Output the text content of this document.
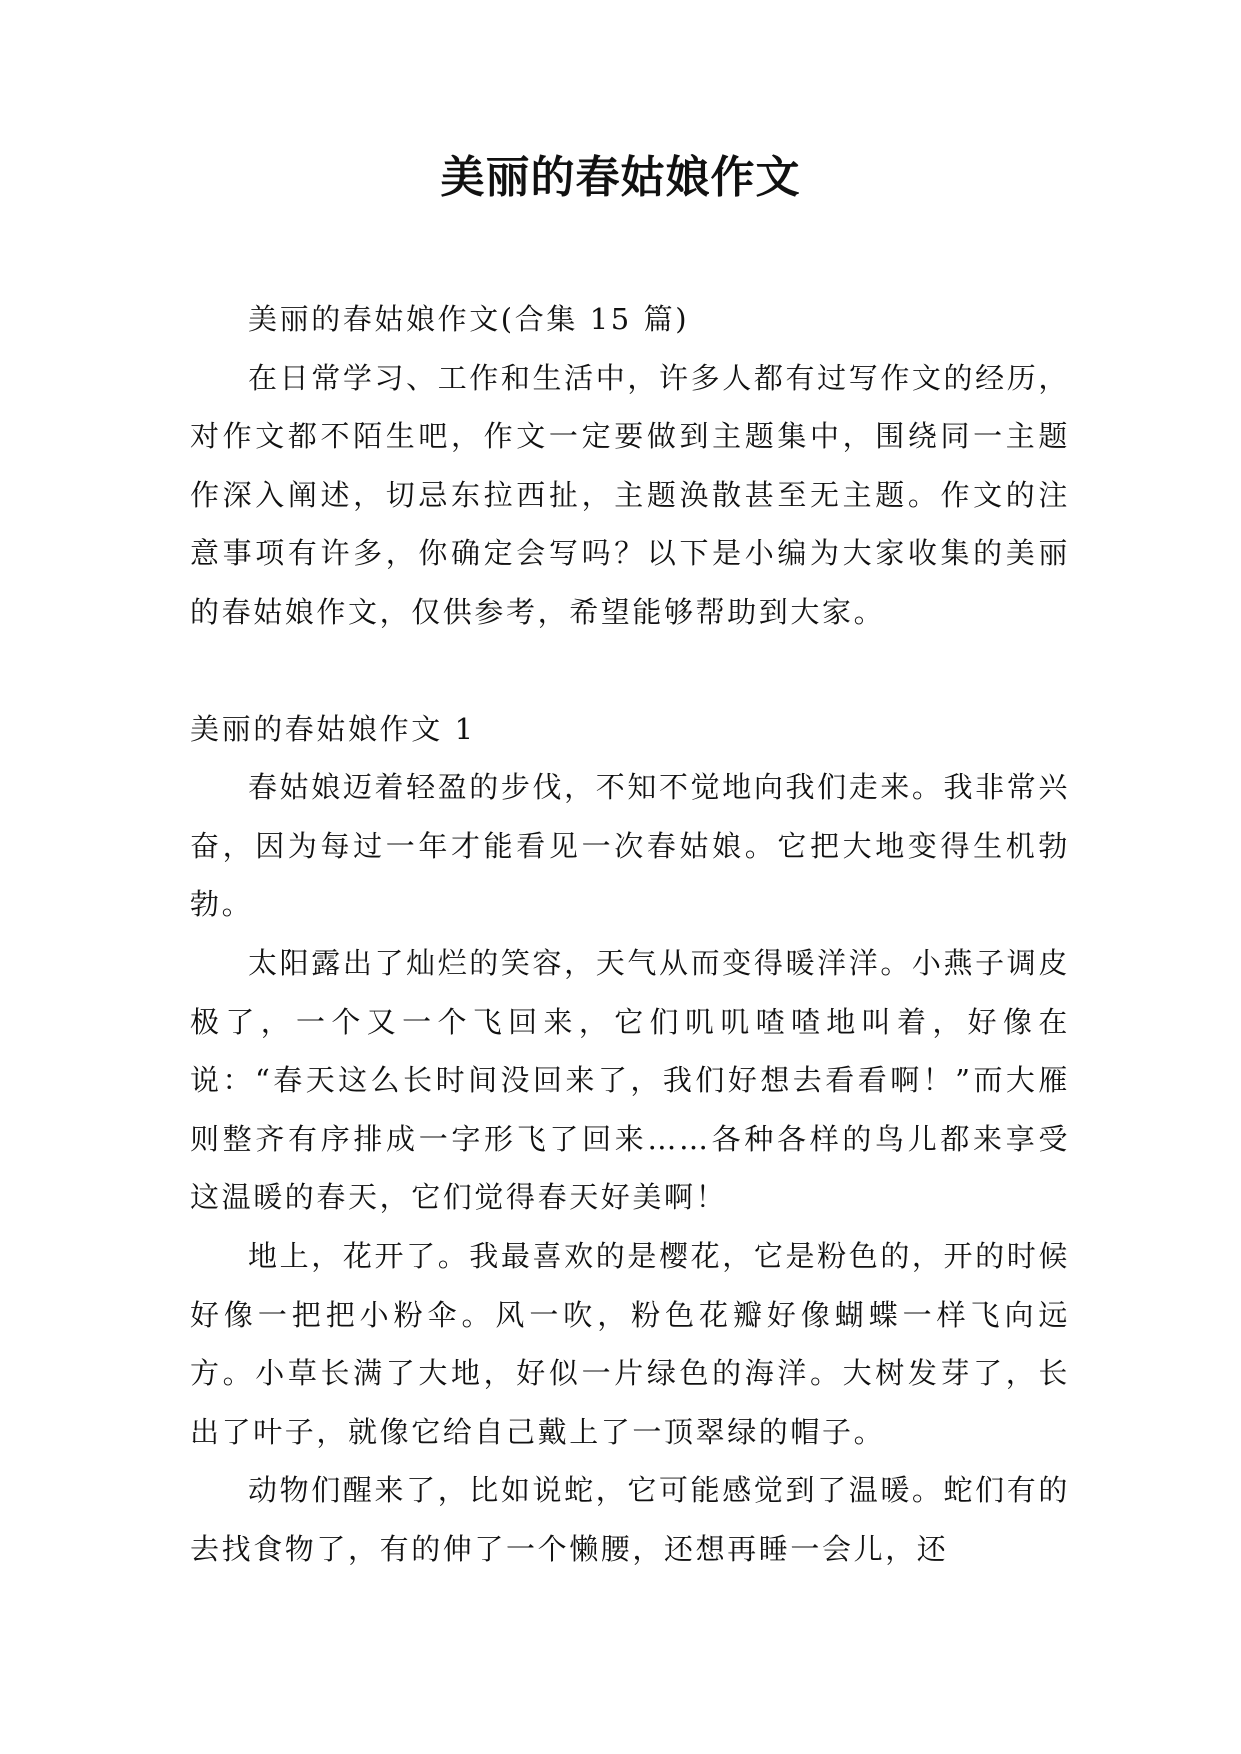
美丽的春姑娘作文

美丽的春姑娘作文(合集 15 篇)

在日常学习、工作和生活中，许多人都有过写作文的经历，对作文都不陌生吧，作文一定要做到主题集中，围绕同一主题作深入阐述，切忌东拉西扯，主题涣散甚至无主题。作文的注意事项有许多，你确定会写吗？以下是小编为大家收集的美丽的春姑娘作文，仅供参考，希望能够帮助到大家。

美丽的春姑娘作文 1

春姑娘迈着轻盈的步伐，不知不觉地向我们走来。我非常兴奋，因为每过一年才能看见一次春姑娘。它把大地变得生机勃勃。

太阳露出了灿烂的笑容，天气从而变得暖洋洋。小燕子调皮极了，一个又一个飞回来，它们叽叽喳喳地叫着，好像在说：“春天这么长时间没回来了，我们好想去看看啊！”而大雁则整齐有序排成一字形飞了回来……各种各样的鸟儿都来享受这温暖的春天，它们觉得春天好美啊！

地上，花开了。我最喜欢的是樱花，它是粉色的，开的时候好像一把把小粉伞。风一吹，粉色花瓣好像蝴蝶一样飞向远方。小草长满了大地，好似一片绿色的海洋。大树发芽了，长出了叶子，就像它给自己戴上了一顶翠绿的帽子。

动物们醒来了，比如说蛇，它可能感觉到了温暖。蛇们有的去找食物了，有的伸了一个懒腰，还想再睡一会儿，还
